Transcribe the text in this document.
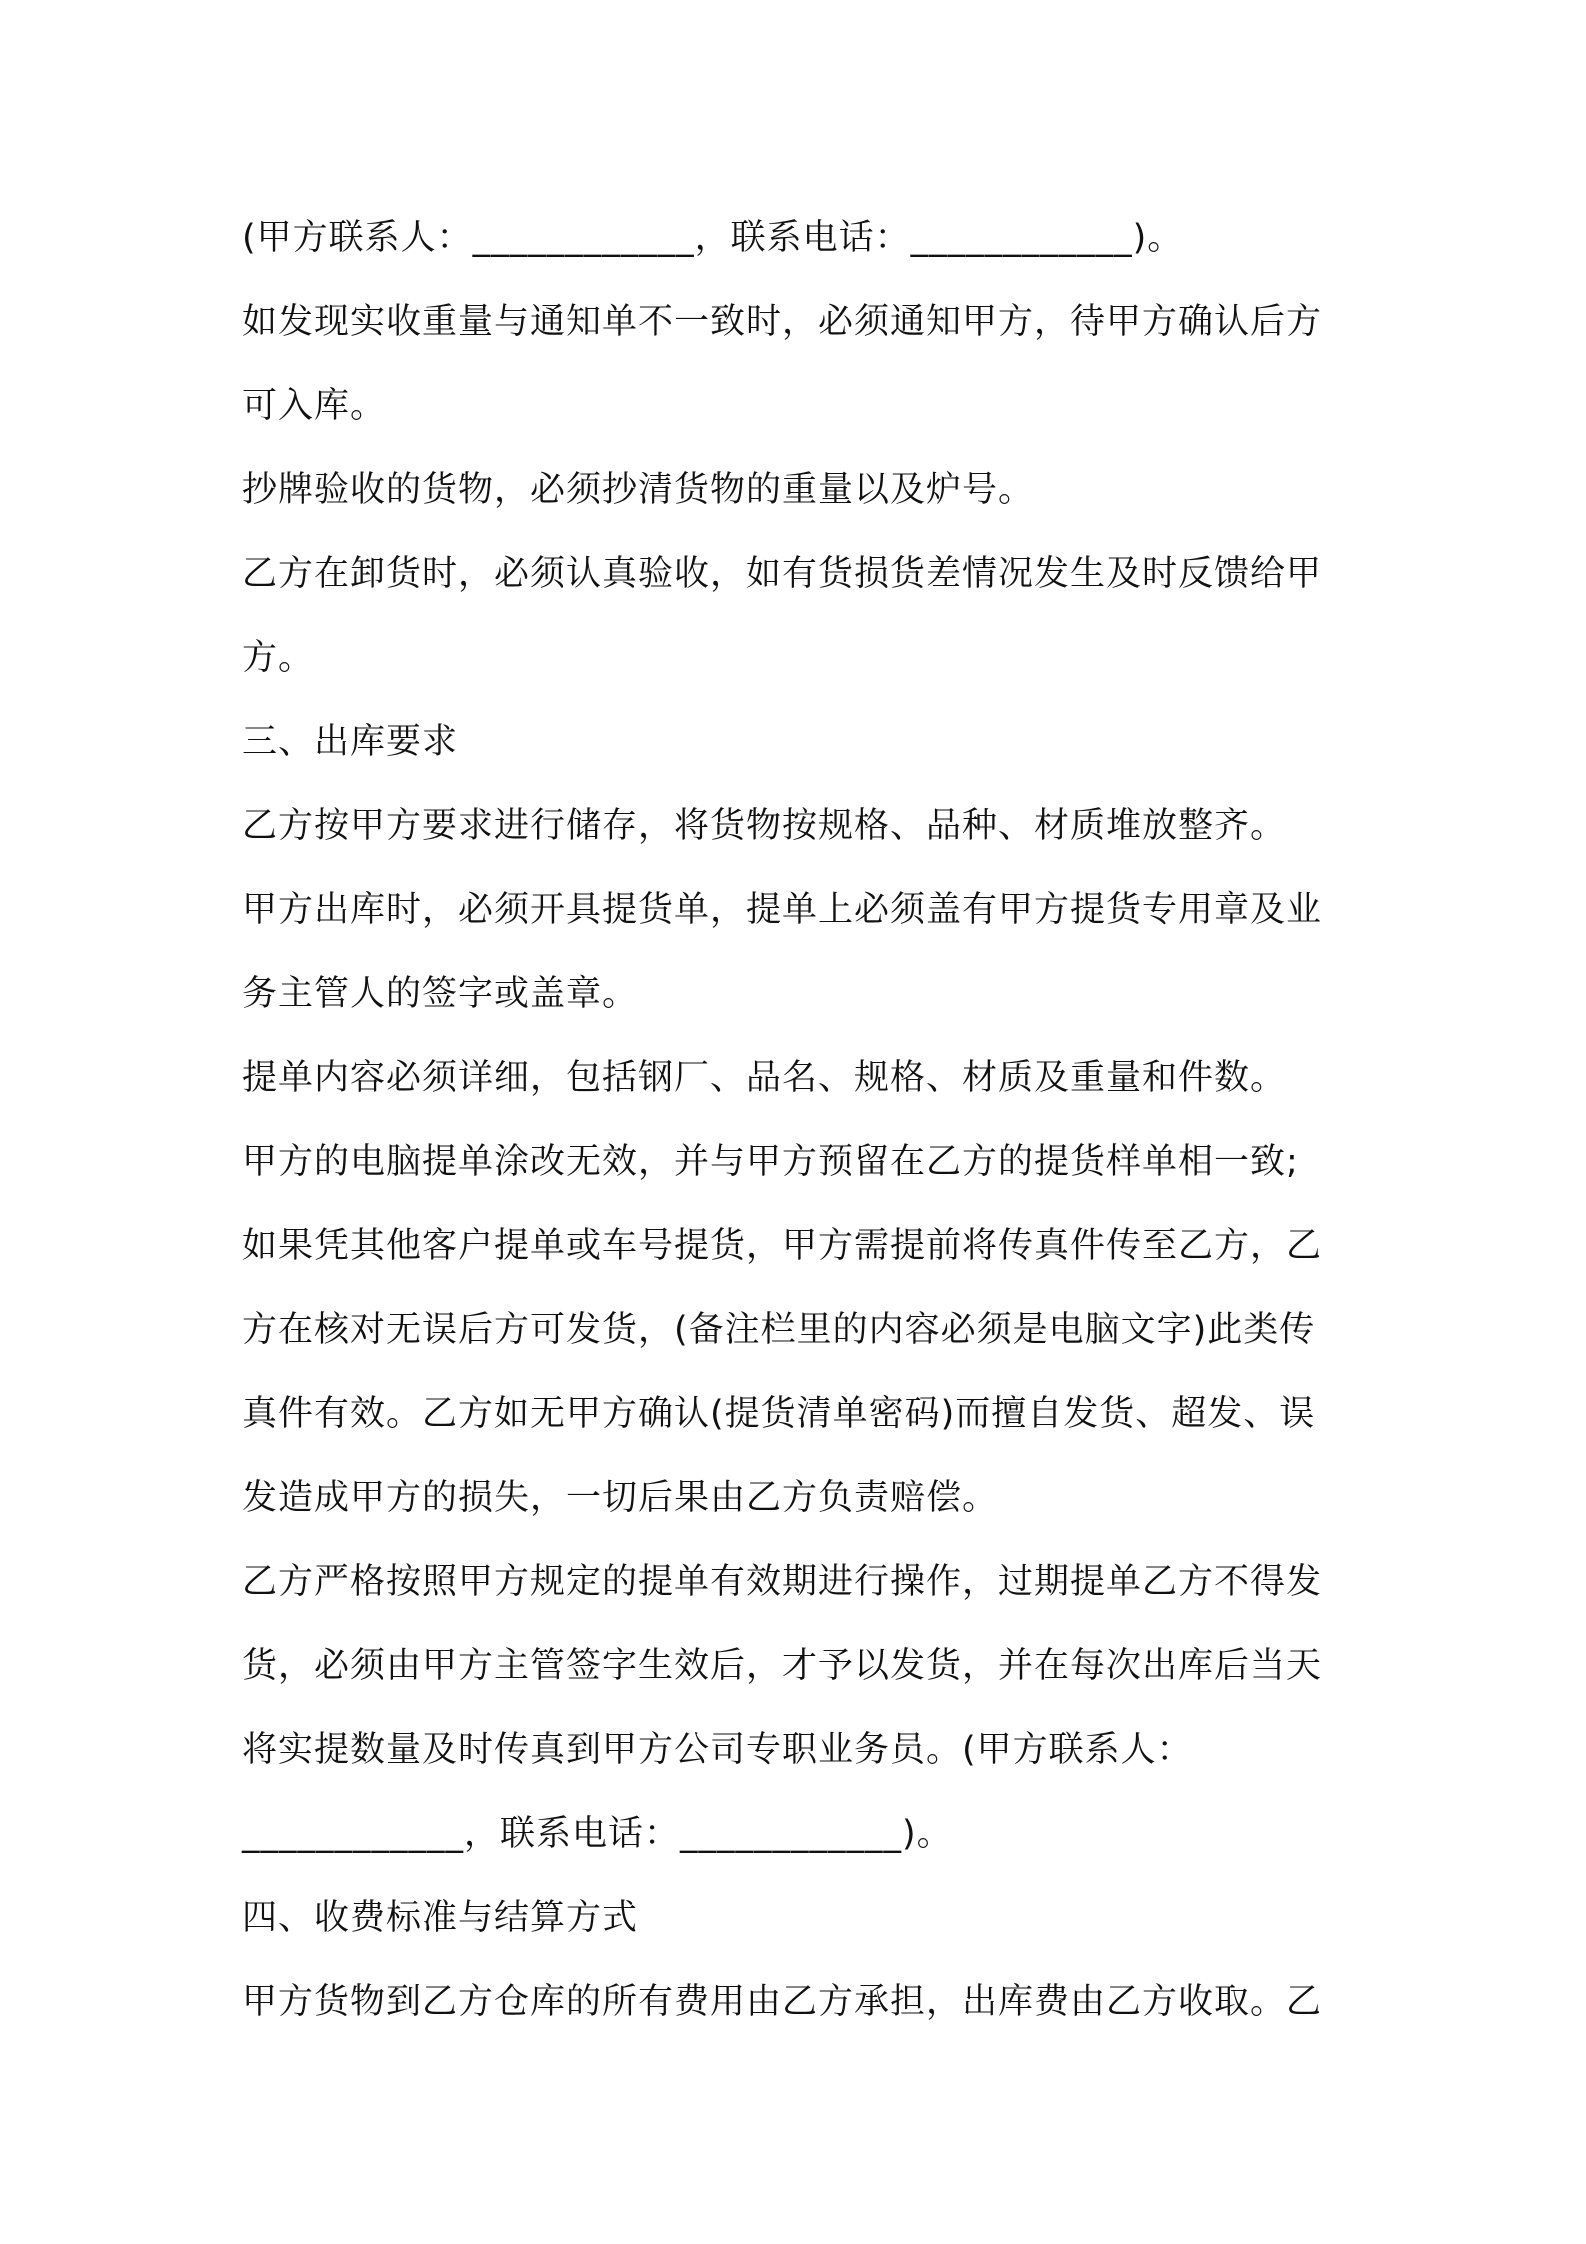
(甲方联系人：____________，联系电话：____________)。
如发现实收重量与通知单不一致时，必须通知甲方，待甲方确认后方
可入库。
抄牌验收的货物，必须抄清货物的重量以及炉号。
乙方在卸货时，必须认真验收，如有货损货差情况发生及时反馈给甲
方。
三、出库要求
乙方按甲方要求进行储存，将货物按规格、品种、材质堆放整齐。
甲方出库时，必须开具提货单，提单上必须盖有甲方提货专用章及业
务主管人的签字或盖章。
提单内容必须详细，包括钢厂、品名、规格、材质及重量和件数。
甲方的电脑提单涂改无效，并与甲方预留在乙方的提货样单相一致;
如果凭其他客户提单或车号提货，甲方需提前将传真件传至乙方，乙
方在核对无误后方可发货，(备注栏里的内容必须是电脑文字)此类传
真件有效。乙方如无甲方确认(提货清单密码)而擅自发货、超发、误
发造成甲方的损失，一切后果由乙方负责赔偿。
乙方严格按照甲方规定的提单有效期进行操作，过期提单乙方不得发
货，必须由甲方主管签字生效后，才予以发货，并在每次出库后当天
将实提数量及时传真到甲方公司专职业务员。(甲方联系人：
____________，联系电话：____________)。
四、收费标准与结算方式
甲方货物到乙方仓库的所有费用由乙方承担，出库费由乙方收取。乙
